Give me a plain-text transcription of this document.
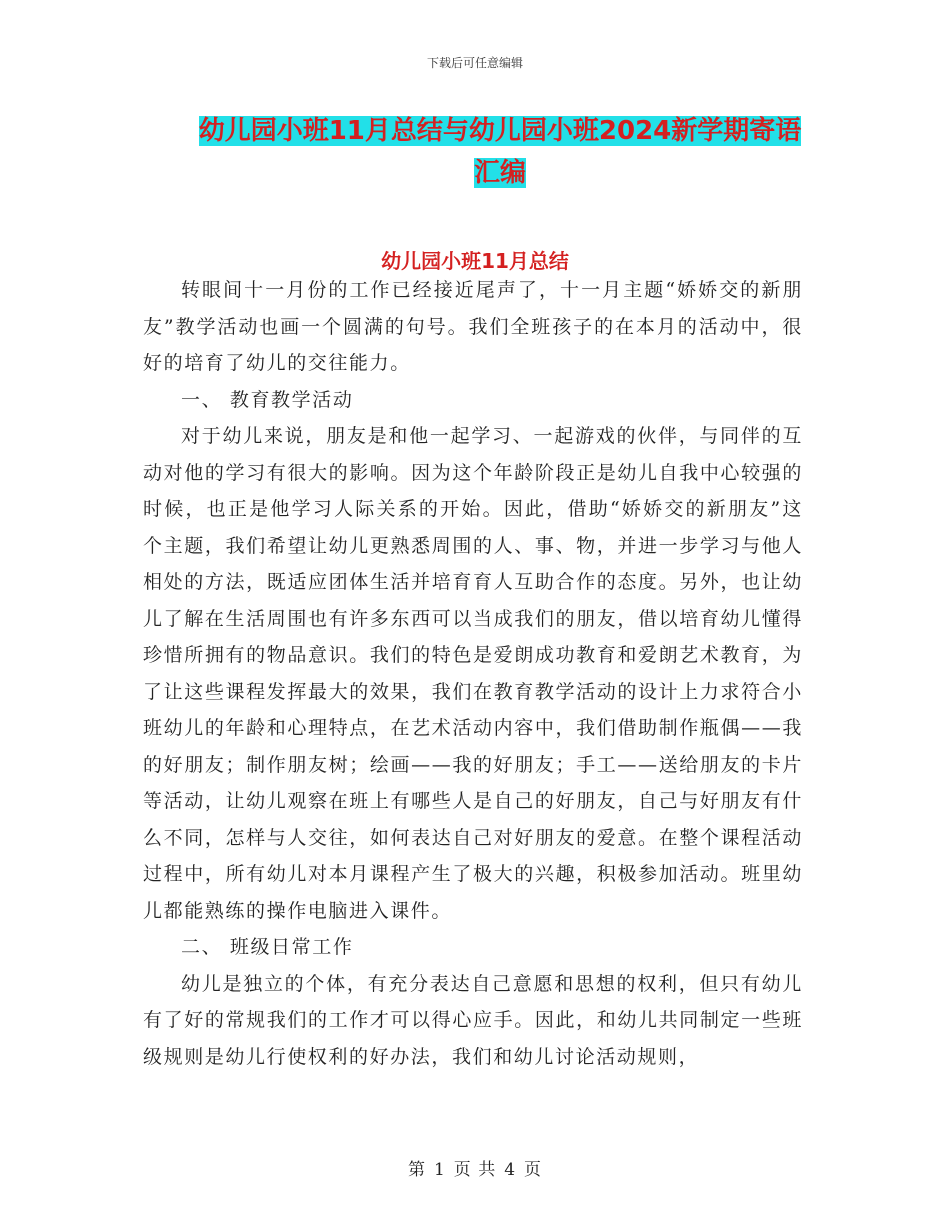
下载后可任意编辑
幼儿园小班11月总结与幼儿园小班2024新学期寄语
汇编
幼儿园小班11月总结

转眼间十一月份的工作已经接近尾声了，十一月主题“娇娇交的新朋友”教学活动也画一个圆满的句号。我们全班孩子的在本月的活动中，很好的培育了幼儿的交往能力。

一、 教育教学活动

对于幼儿来说，朋友是和他一起学习、一起游戏的伙伴，与同伴的互动对他的学习有很大的影响。因为这个年龄阶段正是幼儿自我中心较强的时候，也正是他学习人际关系的开始。因此，借助“娇娇交的新朋友”这个主题，我们希望让幼儿更熟悉周围的人、事、物，并进一步学习与他人相处的方法，既适应团体生活并培育育人互助合作的态度。另外，也让幼儿了解在生活周围也有许多东西可以当成我们的朋友，借以培育幼儿懂得珍惜所拥有的物品意识。我们的特色是爱朗成功教育和爱朗艺术教育，为了让这些课程发挥最大的效果，我们在教育教学活动的设计上力求符合小班幼儿的年龄和心理特点，在艺术活动内容中，我们借助制作瓶偶——我的好朋友；制作朋友树；绘画——我的好朋友；手工——送给朋友的卡片等活动，让幼儿观察在班上有哪些人是自己的好朋友，自己与好朋友有什么不同，怎样与人交往，如何表达自己对好朋友的爱意。在整个课程活动过程中，所有幼儿对本月课程产生了极大的兴趣，积极参加活动。班里幼儿都能熟练的操作电脑进入课件。

二、 班级日常工作

幼儿是独立的个体，有充分表达自己意愿和思想的权利，但只有幼儿有了好的常规我们的工作才可以得心应手。因此，和幼儿共同制定一些班级规则是幼儿行使权利的好办法，我们和幼儿讨论活动规则，

第 1 页 共 4 页
